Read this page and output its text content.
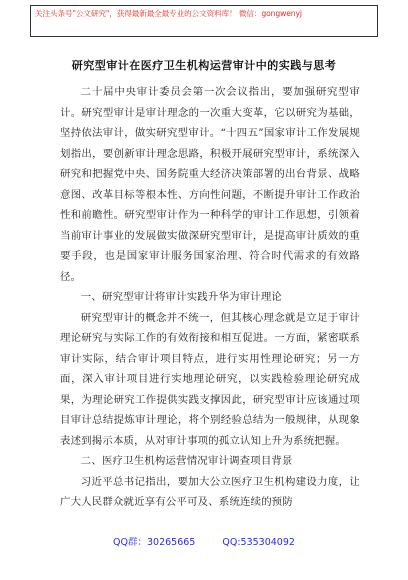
关注头条号"公文研究"，获得最新最全最专业的公文资料库！ 微信：gongwenyj
研究型审计在医疗卫生机构运营审计中的实践与思考

二十届中央审计委员会第一次会议指出，要加强研究型审计。研究型审计是审计理念的一次重大变革，它以研究为基础，坚持依法审计，做实研究型审计。“十四五”国家审计工作发展规划指出，要创新审计理念思路，积极开展研究型审计，系统深入研究和把握党中央、国务院重大经济决策部署的出台背景、战略意图、改革目标等根本性、方向性问题，不断提升审计工作政治性和前瞻性。研究型审计作为一种科学的审计工作思想，引领着当前审计事业的发展做实做深研究型审计，是提高审计质效的重要手段，也是国家审计服务国家治理、符合时代需求的有效路径。

一、研究型审计将审计实践升华为审计理论

研究型审计的概念并不统一，但其核心理念就是立足于审计理论研究与实际工作的有效衔接和相互促进。一方面，紧密联系审计实际，结合审计项目特点，进行实用性理论研究；另一方面，深入审计项目进行实地理论研究，以实践检验理论研究成果，为理论研究工作提供实践支撑因此，研究型审计应该通过项目审计总结提炼审计理论，将个别经验总结为一般规律，从现象表述到揭示本质，从对审计事项的孤立认知上升为系统把握。

二、医疗卫生机构运营情况审计调查项目背景

习近平总书记指出，要加大公立医疗卫生机构建设力度，让广大人民群众就近享有公平可及、系统连续的预防

QQ群：30265665	QQ:535304092
